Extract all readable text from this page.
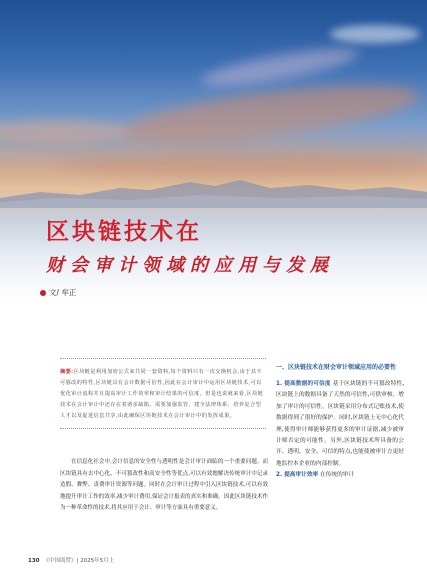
区块链技术在
财会审计领域的应用与发展
文/ 牟正

摘要:区块链是利用加密公式来共同一套资料,每个资料只有一次交换机会,由于其不可篡改的特性,区块链具有会计数据可信性,因此在会计审计中运用区块链技术,可以优化审计流程并且提高审计工作效率和审计结果的可信度。但是也说就来看,区块链技术在会计审计中还存在着诸多缺陷。需要加强监管、建全法律体系、培养复合型人才以及促进信息共享,由此确保区块链技术在会计审计中的发挥成果。

在信息化社会中,会计信息的安全性与透明性是会计审计面临的一个重要问题。而区块链具有去中心化、不可篡改性和高安全性等优点,可以有效地解决传统审计中记录造假、舞弊、责费审计资源等问题。同时在会计审计过程中引入区块链技术,可以有效地提升审计工作的效率,减少审计费用,保证会计报表的真实和准确。因此区块链技术作为一种革命性的技术,将其应用于会计、审计等方面具有重要意义。

一、区块链技术在财会审计领域应用的必要性

1. 提高数据的可信度 基于区块链的不可篡改特性,区块链上的数据具备了天然的可信性,可供审核。增加了审计的可信性。区块链采用分布式记账技术,使数据得到了很好的保护。同时,区块链上无中心化代理,使得审计师能够获得更多的审计证据,减少被审计师否定的可能性。另外,区块链技术所具备的公开、透明、安全、可信的特点,也能使被审计方更好地监控本企业的内部控制。

2. 提高审计效率 在传统的审计

130 《中国商贸》| 2025年5月上
